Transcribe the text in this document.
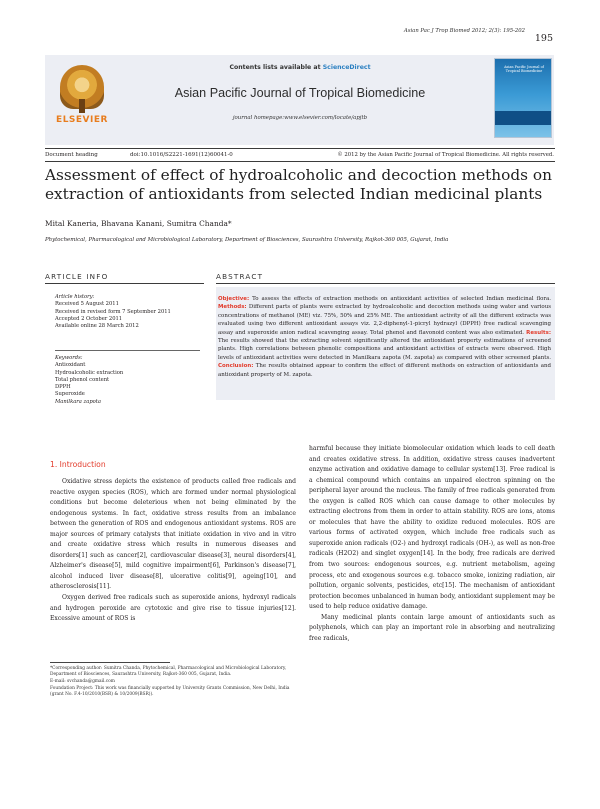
Asian Pac J Trop Biomed 2012; 2(3): 195-202
195
ELSEVIER
Contents lists available at ScienceDirect
Asian Pacific Journal of Tropical Biomedicine
journal homepage:www.elsevier.com/locate/apjtb
Asian Pacific Journal of Tropical Biomedicine
Document heading	doi:10.1016/S2221-1691(12)60041-0	© 2012 by the Asian Pacific Journal of Tropical Biomedicine. All rights reserved.
Assessment of effect of hydroalcoholic and decoction methods on extraction of antioxidants from selected Indian medicinal plants
Mital Kaneria, Bhavana Kanani, Sumitra Chanda*
Phytochemical, Pharmacological and Microbiological Laboratory, Department of Biosciences, Saurashtra University, Rajkot-360 005, Gujarat, India
ARTICLE INFO	ABSTRACT
Article history:
Received 5 August 2011
Received in revised form 7 September 2011
Accepted 2 October 2011
Available online 28 March 2012
Keywords:
Antioxidant
Hydroalcoholic extraction
Total phenol content
DPPH
Superoxide
Manilkara zapota
Objective: To assess the effects of extraction methods on antioxidant activities of selected Indian medicinal flora. Methods: Different parts of plants were extracted by hydroalcoholic and decoction methods using water and various concentrations of methanol (ME) viz. 75%, 50% and 25% ME. The antioxidant activity of all the different extracts was evaluated using two different antioxidant assays viz. 2,2-diphenyl-1-picryl hydrazyl (DPPH) free radical scavenging assay and superoxide anion radical scavenging assay. Total phenol and flavonoid content was also estimated. Results: The results showed that the extracting solvent significantly altered the antioxidant property estimations of screened plants. High correlations between phenolic compositions and antioxidant activities of extracts were observed. High levels of antioxidant activities were detected in Manilkara zapota (M. zapota) as compared with other screened plants. Conclusion: The results obtained appear to confirm the effect of different methods on extraction of antioxidants and antioxidant property of M. zapota.
1. Introduction

Oxidative stress depicts the existence of products called free radicals and reactive oxygen species (ROS), which are formed under normal physiological conditions but become deleterious when not being eliminated by the endogenous systems. In fact, oxidative stress results from an imbalance between the generation of ROS and endogenous antioxidant systems. ROS are major sources of primary catalysts that initiate oxidation in vivo and in vitro and create oxidative stress which results in numerous diseases and disorders[1] such as cancer[2], cardiovascular disease[3], neural disorders[4], Alzheimer's disease[5], mild cognitive impairment[6], Parkinson's disease[7], alcohol induced liver disease[8], ulcerative colitis[9], ageing[10], and atherosclerosis[11].

Oxygen derived free radicals such as superoxide anions, hydroxyl radicals and hydrogen peroxide are cytotoxic and give rise to tissue injuries[12]. Excessive amount of ROS is

harmful because they initiate biomolecular oxidation which leads to cell death and creates oxidative stress. In addition, oxidative stress causes inadvertent enzyme activation and oxidative damage to cellular system[13]. Free radical is a chemical compound which contains an unpaired electron spinning on the peripheral layer around the nucleus. The family of free radicals generated from the oxygen is called ROS which can cause damage to other molecules by extracting electrons from them in order to attain stability. ROS are ions, atoms or molecules that have the ability to oxidize reduced molecules. ROS are various forms of activated oxygen, which include free radicals such as superoxide anion radicals (O2-) and hydroxyl radicals (OH-), as well as non-free radicals (H2O2) and singlet oxygen[14]. In the body, free radicals are derived from two sources: endogenous sources, e.g. nutrient metabolism, ageing process, etc and exogenous sources e.g. tobacco smoke, ionizing radiation, air pollution, organic solvents, pesticides, etc[15]. The mechanism of antioxidant protection becomes unbalanced in human body, antioxidant supplement may be used to help reduce oxidative damage.

Many medicinal plants contain large amount of antioxidants such as polyphenols, which can play an important role in absorbing and neutralizing free radicals,

*Corresponding author: Sumitra Chanda, Phytochemical, Pharmacological and Microbiological Laboratory, Department of Biosciences, Saurashtra University, Rajkot-360 005, Gujarat, India.

E-mail: svchanda@gmail.com

Foundation Project: This work was financially supported by University Grants Commission, New Delhi, India (grant No. F.4-10/2010(BSR) & 10/2009(BSR)).
